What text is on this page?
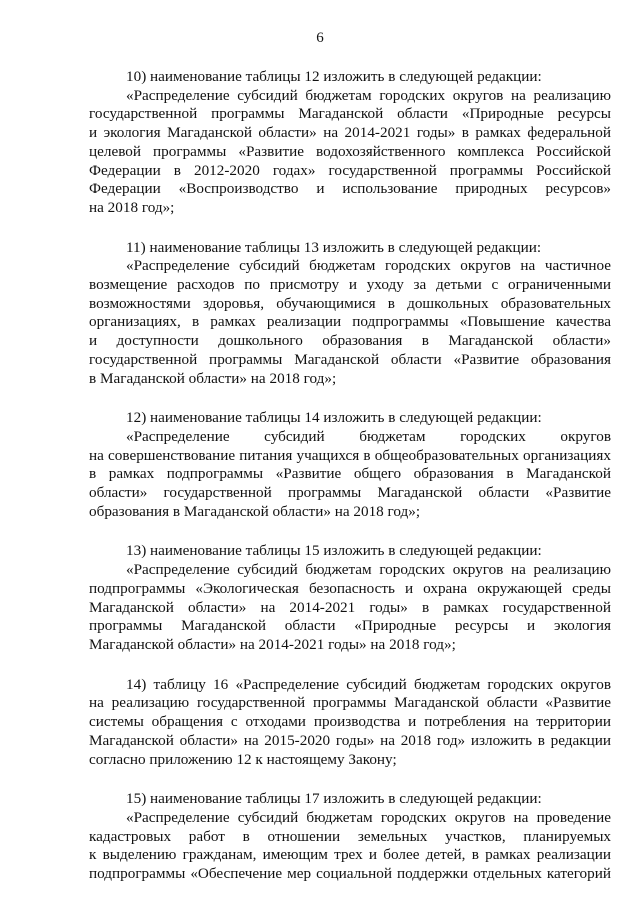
6
10) наименование таблицы 12 изложить в следующей редакции:
«Распределение субсидий бюджетам городских округов на реализацию
государственной программы Магаданской области «Природные ресурсы
и экология Магаданской области» на 2014-2021 годы» в рамках федеральной
целевой программы «Развитие водохозяйственного комплекса Российской
Федерации в 2012-2020 годах» государственной программы Российской
Федерации «Воспроизводство и использование природных ресурсов»
на 2018 год»;
11) наименование таблицы 13 изложить в следующей редакции:
«Распределение субсидий бюджетам городских округов на частичное
возмещение расходов по присмотру и уходу за детьми с ограниченными
возможностями здоровья, обучающимися в дошкольных образовательных
организациях, в рамках реализации подпрограммы «Повышение качества
и доступности дошкольного образования в Магаданской области»
государственной программы Магаданской области «Развитие образования
в Магаданской области» на 2018 год»;
12) наименование таблицы 14 изложить в следующей редакции:
«Распределение субсидий бюджетам городских округов
на совершенствование питания учащихся в общеобразовательных организациях
в рамках подпрограммы «Развитие общего образования в Магаданской
области» государственной программы Магаданской области «Развитие
образования в Магаданской области» на 2018 год»;
13) наименование таблицы 15 изложить в следующей редакции:
«Распределение субсидий бюджетам городских округов на реализацию
подпрограммы «Экологическая безопасность и охрана окружающей среды
Магаданской области» на 2014-2021 годы» в рамках государственной
программы Магаданской области «Природные ресурсы и экология
Магаданской области» на 2014-2021 годы» на 2018 год»;
14) таблицу 16 «Распределение субсидий бюджетам городских округов
на реализацию государственной программы Магаданской области «Развитие
системы обращения с отходами производства и потребления на территории
Магаданской области» на 2015-2020 годы» на 2018 год» изложить в редакции
согласно приложению 12 к настоящему Закону;
15) наименование таблицы 17 изложить в следующей редакции:
«Распределение субсидий бюджетам городских округов на проведение
кадастровых работ в отношении земельных участков, планируемых
к выделению гражданам, имеющим трех и более детей, в рамках реализации
подпрограммы «Обеспечение мер социальной поддержки отдельных категорий
